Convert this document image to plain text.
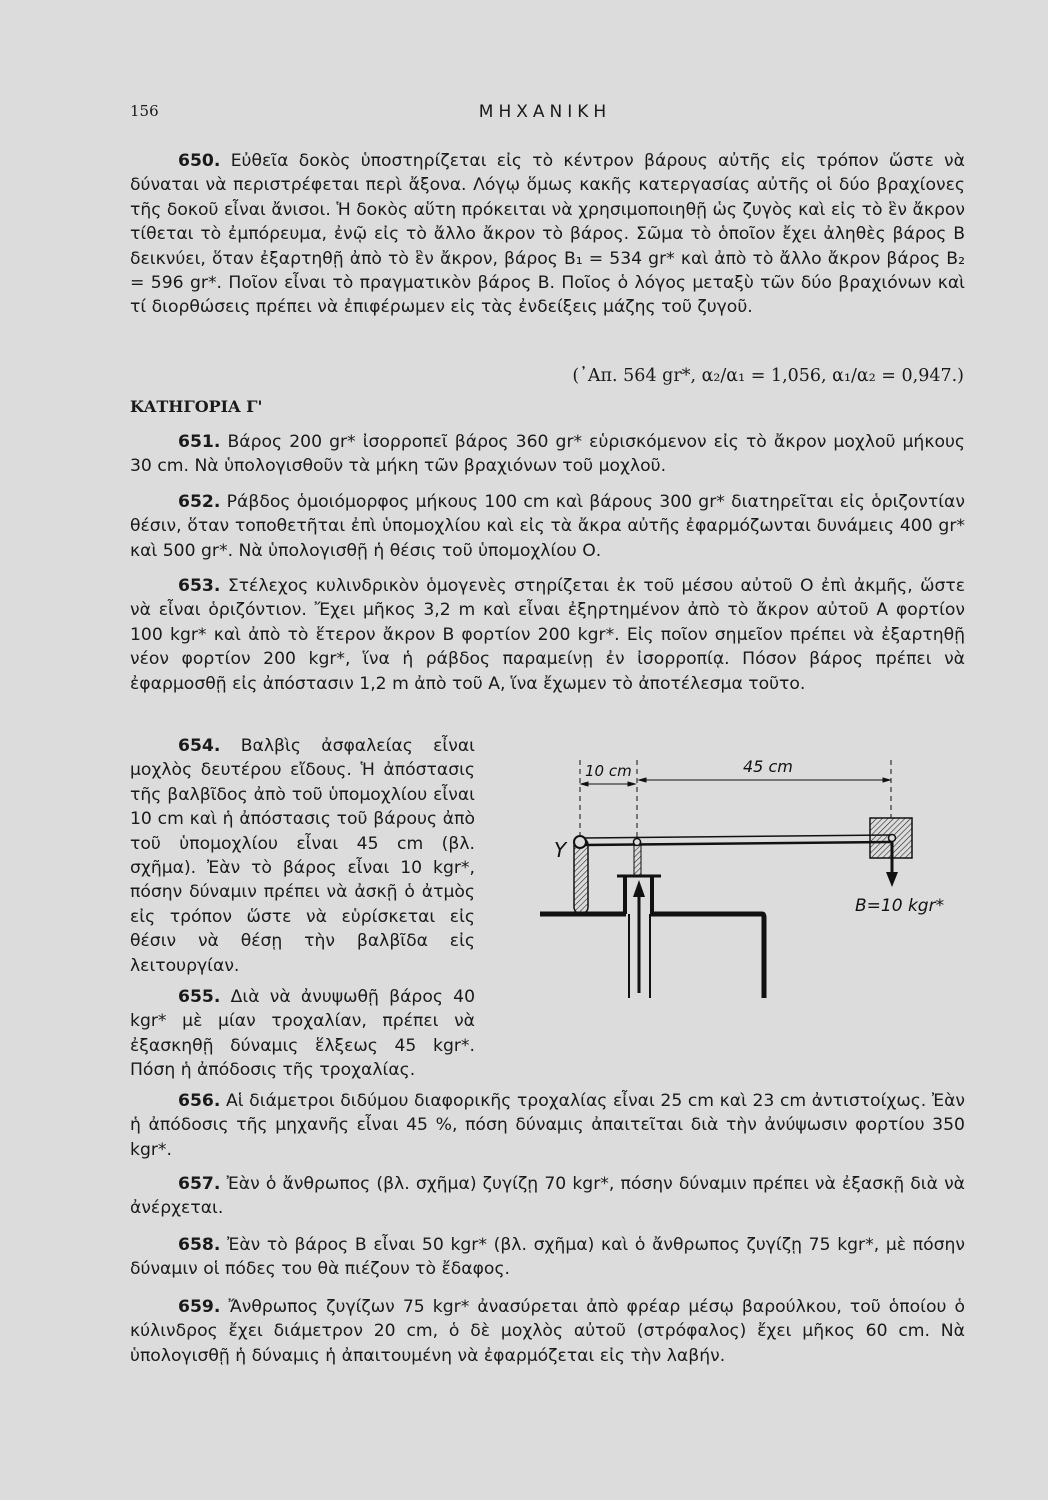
156	ΜΗΧΑΝΙΚΗ
650. Εὐθεῖα δοκὸς ὑποστηρίζεται εἰς τὸ κέντρον βάρους αὐτῆς εἰς τρόπον ὥστε νὰ δύναται νὰ περιστρέφεται περὶ ἄξονα. Λόγῳ ὅμως κακῆς κατεργασίας αὐτῆς οἱ δύο βραχίονες τῆς δοκοῦ εἶναι ἄνισοι. Ἡ δοκὸς αὕτη πρόκειται νὰ χρησιμοποιηθῇ ὡς ζυγὸς καὶ εἰς τὸ ἓν ἄκρον τίθεται τὸ ἐμπόρευμα, ἐνῷ εἰς τὸ ἄλλο ἄκρον τὸ βάρος. Σῶμα τὸ ὁποῖον ἔχει ἀληθὲς βάρος Β δεικνύει, ὅταν ἐξαρτηθῇ ἀπὸ τὸ ἓν ἄκρον, βάρος Β₁ = 534 gr* καὶ ἀπὸ τὸ ἄλλο ἄκρον βάρος Β₂ = 596 gr*. Ποῖον εἶναι τὸ πραγματικὸν βάρος Β. Ποῖος ὁ λόγος μεταξὺ τῶν δύο βραχιόνων καὶ τί διορθώσεις πρέπει νὰ ἐπιφέρωμεν εἰς τὰς ἐνδείξεις μάζης τοῦ ζυγοῦ.
(᾿Απ. 564 gr*, α₂/α₁ = 1,056, α₁/α₂ = 0,947.)
ΚΑΤΗΓΟΡΙΑ Γ'
651. Βάρος 200 gr* ἰσορροπεῖ βάρος 360 gr* εὑρισκόμενον εἰς τὸ ἄκρον μοχλοῦ μήκους 30 cm. Νὰ ὑπολογισθοῦν τὰ μήκη τῶν βραχιόνων τοῦ μοχλοῦ.
652. Ράβδος ὁμοιόμορφος μήκους 100 cm καὶ βάρους 300 gr* διατηρεῖται εἰς ὁριζοντίαν θέσιν, ὅταν τοποθετῆται ἐπὶ ὑπομοχλίου καὶ εἰς τὰ ἄκρα αὐτῆς ἐφαρμόζωνται δυνάμεις 400 gr* καὶ 500 gr*. Νὰ ὑπολογισθῇ ἡ θέσις τοῦ ὑπομοχλίου Ο.
653. Στέλεχος κυλινδρικὸν ὁμογενὲς στηρίζεται ἐκ τοῦ μέσου αὐτοῦ Ο ἐπὶ ἀκμῆς, ὥστε νὰ εἶναι ὁριζόντιον. Ἔχει μῆκος 3,2 m καὶ εἶναι ἐξηρτημένον ἀπὸ τὸ ἄκρον αὐτοῦ Α φορτίον 100 kgr* καὶ ἀπὸ τὸ ἕτερον ἄκρον Β φορτίον 200 kgr*. Εἰς ποῖον σημεῖον πρέπει νὰ ἐξαρτηθῇ νέον φορτίον 200 kgr*, ἵνα ἡ ράβδος παραμείνῃ ἐν ἰσορροπίᾳ. Πόσον βάρος πρέπει νὰ ἐφαρμοσθῇ εἰς ἀπόστασιν 1,2 m ἀπὸ τοῦ Α, ἵνα ἔχωμεν τὸ ἀποτέλεσμα τοῦτο.
654. Βαλβὶς ἀσφαλείας εἶναι μοχλὸς δευτέρου εἴδους. Ἡ ἀπόστασις τῆς βαλβῖδος ἀπὸ τοῦ ὑπομοχλίου εἶναι 10 cm καὶ ἡ ἀπόστασις τοῦ βάρους ἀπὸ τοῦ ὑπομοχλίου εἶναι 45 cm (βλ. σχῆμα). Ἐὰν τὸ βάρος εἶναι 10 kgr*, πόσην δύναμιν πρέπει νὰ ἀσκῇ ὁ ἀτμὸς εἰς τρόπον ὥστε νὰ εὑρίσκεται εἰς θέσιν νὰ θέσῃ τὴν βαλβῖδα εἰς λειτουργίαν.
655. Διὰ νὰ ἀνυψωθῇ βάρος 40 kgr* μὲ μίαν τροχαλίαν, πρέπει νὰ ἐξασκηθῇ δύναμις ἕλξεως 45 kgr*. Πόση ἡ ἀπόδοσις τῆς τροχαλίας.
10 cm	45 cm
Υ
B=10 kgr*
656. Αἱ διάμετροι διδύμου διαφορικῆς τροχαλίας εἶναι 25 cm καὶ 23 cm ἀντιστοίχως. Ἐὰν ἡ ἀπόδοσις τῆς μηχανῆς εἶναι 45 %, πόση δύναμις ἀπαιτεῖται διὰ τὴν ἀνύψωσιν φορτίου 350 kgr*.
657. Ἐὰν ὁ ἄνθρωπος (βλ. σχῆμα) ζυγίζῃ 70 kgr*, πόσην δύναμιν πρέπει νὰ ἐξασκῇ διὰ νὰ ἀνέρχεται.
658. Ἐὰν τὸ βάρος Β εἶναι 50 kgr* (βλ. σχῆμα) καὶ ὁ ἄνθρωπος ζυγίζῃ 75 kgr*, μὲ πόσην δύναμιν οἱ πόδες του θὰ πιέζουν τὸ ἔδαφος.
659. Ἄνθρωπος ζυγίζων 75 kgr* ἀνασύρεται ἀπὸ φρέαρ μέσῳ βαρούλκου, τοῦ ὁποίου ὁ κύλινδρος ἔχει διάμετρον 20 cm, ὁ δὲ μοχλὸς αὐτοῦ (στρόφαλος) ἔχει μῆκος 60 cm. Νὰ ὑπολογισθῇ ἡ δύναμις ἡ ἀπαιτουμένη νὰ ἐφαρμόζεται εἰς τὴν λαβήν.
